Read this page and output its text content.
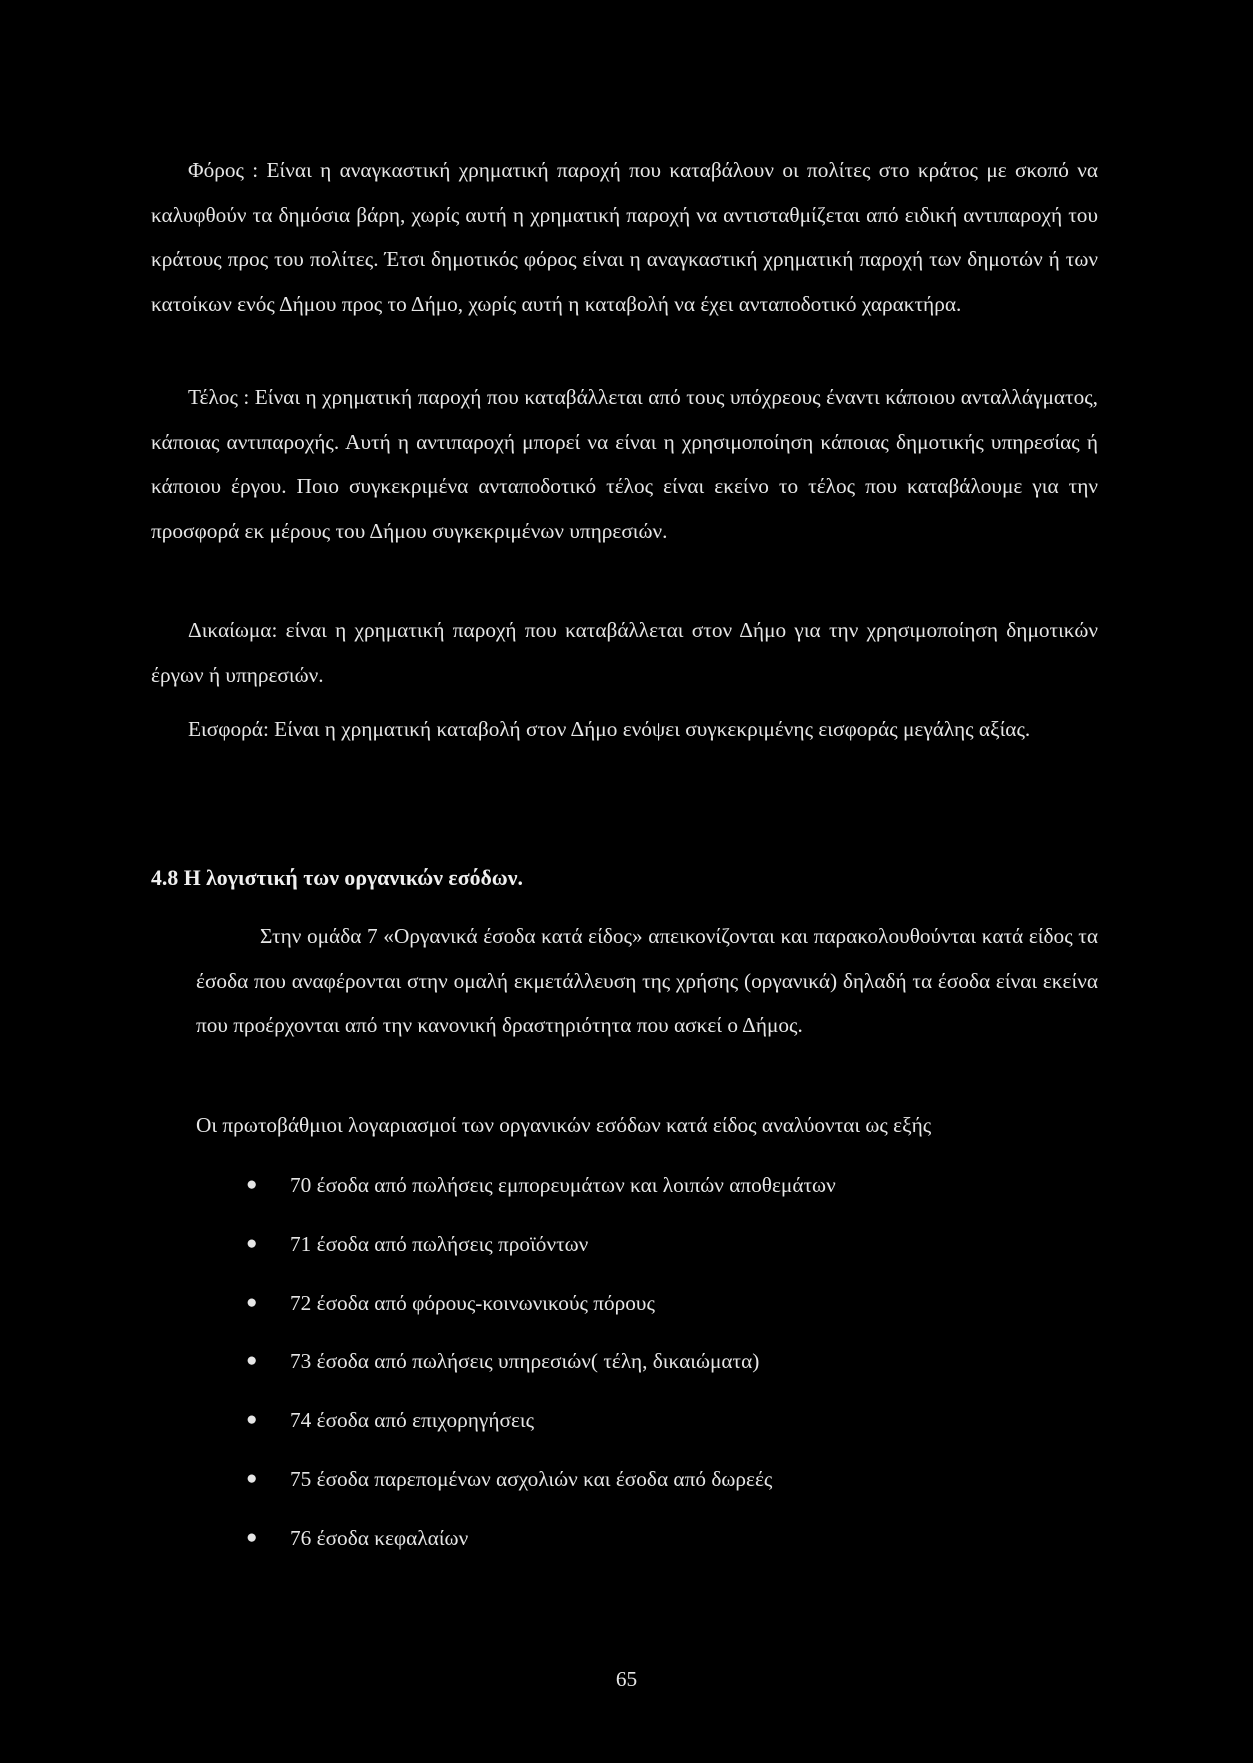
Φόρος : Είναι η αναγκαστική χρηματική παροχή που καταβάλουν οι πολίτες στο κράτος με σκοπό να καλυφθούν τα δημόσια βάρη, χωρίς αυτή η χρηματική παροχή να αντισταθμίζεται από ειδική αντιπαροχή του κράτους προς του πολίτες. Έτσι δημοτικός φόρος είναι η αναγκαστική χρηματική παροχή των δημοτών ή των κατοίκων ενός Δήμου προς το Δήμο, χωρίς αυτή η καταβολή να έχει ανταποδοτικό χαρακτήρα.

Τέλος : Είναι η χρηματική παροχή που καταβάλλεται από τους υπόχρεους έναντι κάποιου ανταλλάγματος, κάποιας αντιπαροχής. Αυτή η αντιπαροχή μπορεί να είναι η χρησιμοποίηση κάποιας δημοτικής υπηρεσίας ή κάποιου έργου. Ποιο συγκεκριμένα ανταποδοτικό τέλος είναι εκείνο το τέλος που καταβάλουμε για την προσφορά εκ μέρους του Δήμου συγκεκριμένων υπηρεσιών.

Δικαίωμα: είναι η χρηματική παροχή που καταβάλλεται στον Δήμο για την χρησιμοποίηση δημοτικών έργων ή υπηρεσιών.

Εισφορά: Είναι η χρηματική καταβολή στον Δήμο ενόψει συγκεκριμένης εισφοράς μεγάλης αξίας.

4.8 Η λογιστική των οργανικών εσόδων.

Στην ομάδα 7 «Οργανικά έσοδα κατά είδος» απεικονίζονται και παρακολουθούνται κατά είδος τα έσοδα που αναφέρονται στην ομαλή εκμετάλλευση της χρήσης (οργανικά) δηλαδή τα έσοδα είναι εκείνα που προέρχονται από την κανονική δραστηριότητα που ασκεί ο Δήμος.

Οι πρωτοβάθμιοι λογαριασμοί των οργανικών εσόδων κατά είδος αναλύονται ως εξής

●	70 έσοδα από πωλήσεις εμπορευμάτων και λοιπών αποθεμάτων
●	71 έσοδα από πωλήσεις προϊόντων
●	72 έσοδα από φόρους-κοινωνικούς πόρους
●	73 έσοδα από πωλήσεις υπηρεσιών( τέλη, δικαιώματα)
●	74 έσοδα από επιχορηγήσεις
●	75 έσοδα παρεπομένων ασχολιών και έσοδα από δωρεές
●	76 έσοδα κεφαλαίων

65
